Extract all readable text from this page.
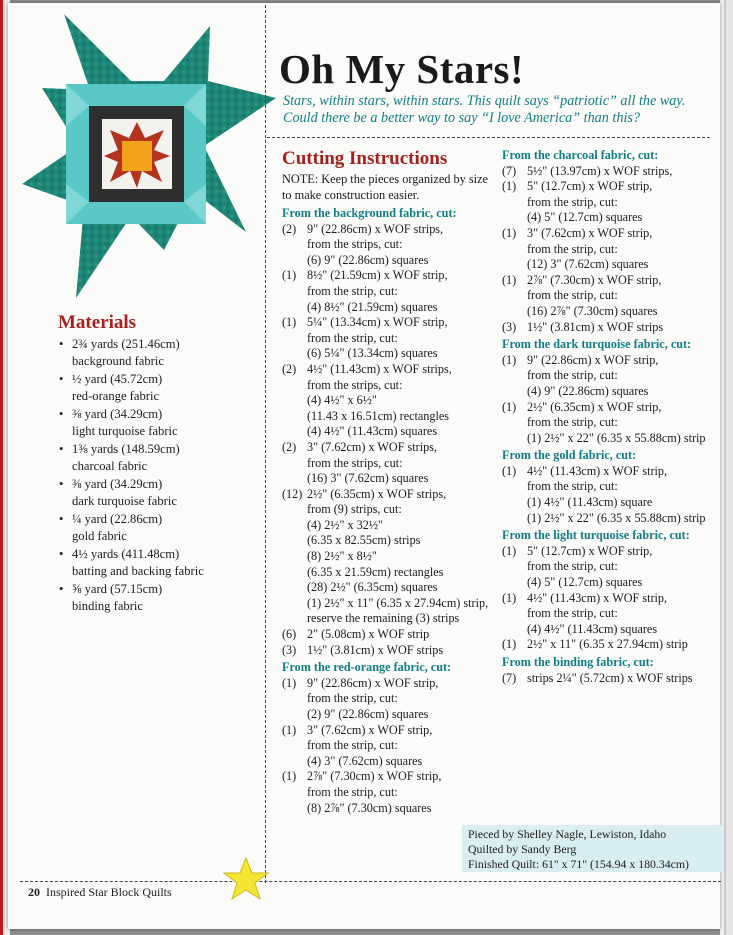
Oh My Stars!
Stars, within stars, within stars. This quilt says “patriotic” all the way. Could there be a better way to say “I love America” than this?
Materials
• 2¾ yards (251.46cm)
background fabric
• ½ yard (45.72cm)
red-orange fabric
• ⅜ yard (34.29cm)
light turquoise fabric
• 1⅜ yards (148.59cm)
charcoal fabric
• ⅜ yard (34.29cm)
dark turquoise fabric
• ¼ yard (22.86cm)
gold fabric
• 4½ yards (411.48cm)
batting and backing fabric
• ⅝ yard (57.15cm)
binding fabric
Cutting Instructions
NOTE: Keep the pieces organized by size to make construction easier.
From the background fabric, cut:
(2) 9" (22.86cm) x WOF strips,
from the strips, cut:
(6) 9" (22.86cm) squares
(1) 8½" (21.59cm) x WOF strip,
from the strip, cut:
(4) 8½" (21.59cm) squares
(1) 5¼" (13.34cm) x WOF strip,
from the strip, cut:
(6) 5¼" (13.34cm) squares
(2) 4½" (11.43cm) x WOF strips,
from the strips, cut:
(4) 4½" x 6½"
(11.43 x 16.51cm) rectangles
(4) 4½" (11.43cm) squares
(2) 3" (7.62cm) x WOF strips,
from the strips, cut:
(16) 3" (7.62cm) squares
(12) 2½" (6.35cm) x WOF strips,
from (9) strips, cut:
(4) 2½" x 32½"
(6.35 x 82.55cm) strips
(8) 2½" x 8½"
(6.35 x 21.59cm) rectangles
(28) 2½" (6.35cm) squares
(1) 2½" x 11" (6.35 x 27.94cm) strip,
reserve the remaining (3) strips
(6) 2" (5.08cm) x WOF strip
(3) 1½" (3.81cm) x WOF strips
From the red-orange fabric, cut:
(1) 9" (22.86cm) x WOF strip,
from the strip, cut:
(2) 9" (22.86cm) squares
(1) 3" (7.62cm) x WOF strip,
from the strip, cut:
(4) 3" (7.62cm) squares
(1) 2⅞" (7.30cm) x WOF strip,
from the strip, cut:
(8) 2⅞" (7.30cm) squares
From the charcoal fabric, cut:
(7) 5½" (13.97cm) x WOF strips,
(1) 5" (12.7cm) x WOF strip,
from the strip, cut:
(4) 5" (12.7cm) squares
(1) 3" (7.62cm) x WOF strip,
from the strip, cut:
(12) 3" (7.62cm) squares
(1) 2⅞" (7.30cm) x WOF strip,
from the strip, cut:
(16) 2⅞" (7.30cm) squares
(3) 1½" (3.81cm) x WOF strips
From the dark turquoise fabric, cut:
(1) 9" (22.86cm) x WOF strip,
from the strip, cut:
(4) 9" (22.86cm) squares
(1) 2½" (6.35cm) x WOF strip,
from the strip, cut:
(1) 2½" x 22" (6.35 x 55.88cm) strip
From the gold fabric, cut:
(1) 4½" (11.43cm) x WOF strip,
from the strip, cut:
(1) 4½" (11.43cm) square
(1) 2½" x 22" (6.35 x 55.88cm) strip
From the light turquoise fabric, cut:
(1) 5" (12.7cm) x WOF strip,
from the strip, cut:
(4) 5" (12.7cm) squares
(1) 4½" (11.43cm) x WOF strip,
from the strip, cut:
(4) 4½" (11.43cm) squares
(1) 2½" x 11" (6.35 x 27.94cm) strip
From the binding fabric, cut:
(7) strips 2¼" (5.72cm) x WOF strips
Pieced by Shelley Nagle, Lewiston, Idaho
Quilted by Sandy Berg
Finished Quilt: 61" x 71" (154.94 x 180.34cm)
20 Inspired Star Block Quilts
